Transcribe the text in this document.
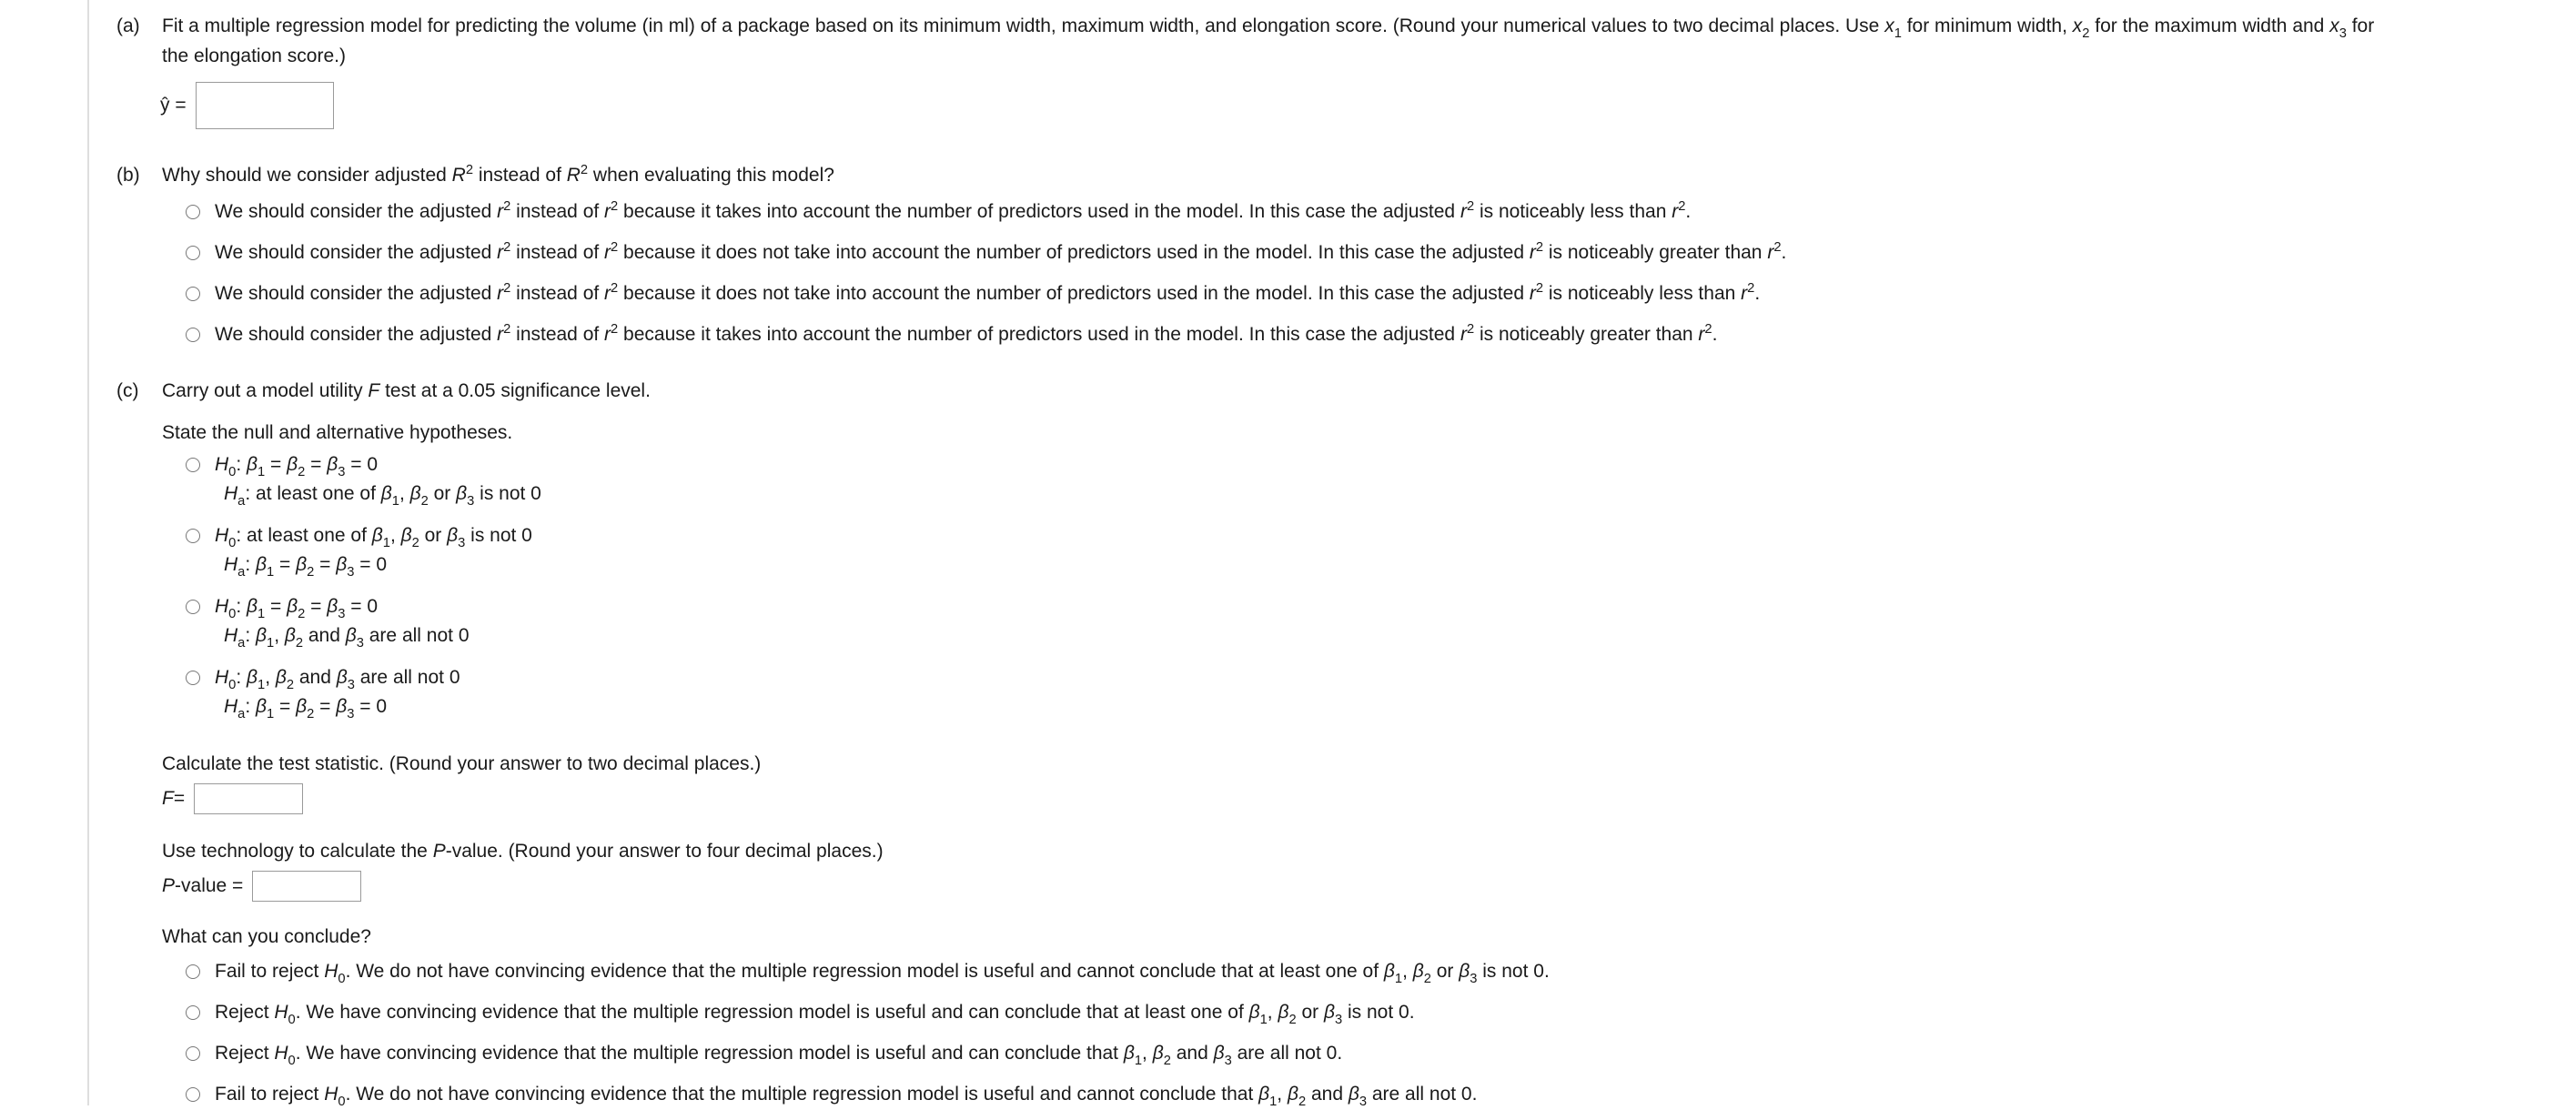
(a) Fit a multiple regression model for predicting the volume (in ml) of a package based on its minimum width, maximum width, and elongation score. (Round your numerical values to two decimal places. Use $x_1$ for minimum width, $x_2$ for the maximum width and $x_3$ for
the elongation score.)
ŷ =
(b) Why should we consider adjusted $R^2$ instead of $R^2$ when evaluating this model?
We should consider the adjusted $r^2$ instead of $r^2$ because it takes into account the number of predictors used in the model. In this case the adjusted $r^2$ is noticeably less than $r^2$.
We should consider the adjusted $r^2$ instead of $r^2$ because it does not take into account the number of predictors used in the model. In this case the adjusted $r^2$ is noticeably greater than $r^2$.
We should consider the adjusted $r^2$ instead of $r^2$ because it does not take into account the number of predictors used in the model. In this case the adjusted $r^2$ is noticeably less than $r^2$.
We should consider the adjusted $r^2$ instead of $r^2$ because it takes into account the number of predictors used in the model. In this case the adjusted $r^2$ is noticeably greater than $r^2$.
(c) Carry out a model utility F test at a 0.05 significance level.
State the null and alternative hypotheses.
$H_0$: $\beta_1 = \beta_2 = \beta_3 = 0$
$H_a$: at least one of $\beta_1$, $\beta_2$ or $\beta_3$ is not 0
$H_0$: at least one of $\beta_1$, $\beta_2$ or $\beta_3$ is not 0
$H_a$: $\beta_1 = \beta_2 = \beta_3 = 0$
$H_0$: $\beta_1 = \beta_2 = \beta_3 = 0$
$H_a$: $\beta_1$, $\beta_2$ and $\beta_3$ are all not 0
$H_0$: $\beta_1$, $\beta_2$ and $\beta_3$ are all not 0
$H_a$: $\beta_1 = \beta_2 = \beta_3 = 0$
Calculate the test statistic. (Round your answer to two decimal places.)
F =
Use technology to calculate the P-value. (Round your answer to four decimal places.)
P -value =
What can you conclude?
Fail to reject $H_0$. We do not have convincing evidence that the multiple regression model is useful and cannot conclude that at least one of $\beta_1$, $\beta_2$ or $\beta_3$ is not 0.
Reject $H_0$. We have convincing evidence that the multiple regression model is useful and can conclude that at least one of $\beta_1$, $\beta_2$ or $\beta_3$ is not 0.
Reject $H_0$. We have convincing evidence that the multiple regression model is useful and can conclude that $\beta_1$, $\beta_2$ and $\beta_3$ are all not 0.
Fail to reject $H_0$. We do not have convincing evidence that the multiple regression model is useful and cannot conclude that $\beta_1$, $\beta_2$ and $\beta_3$ are all not 0.
